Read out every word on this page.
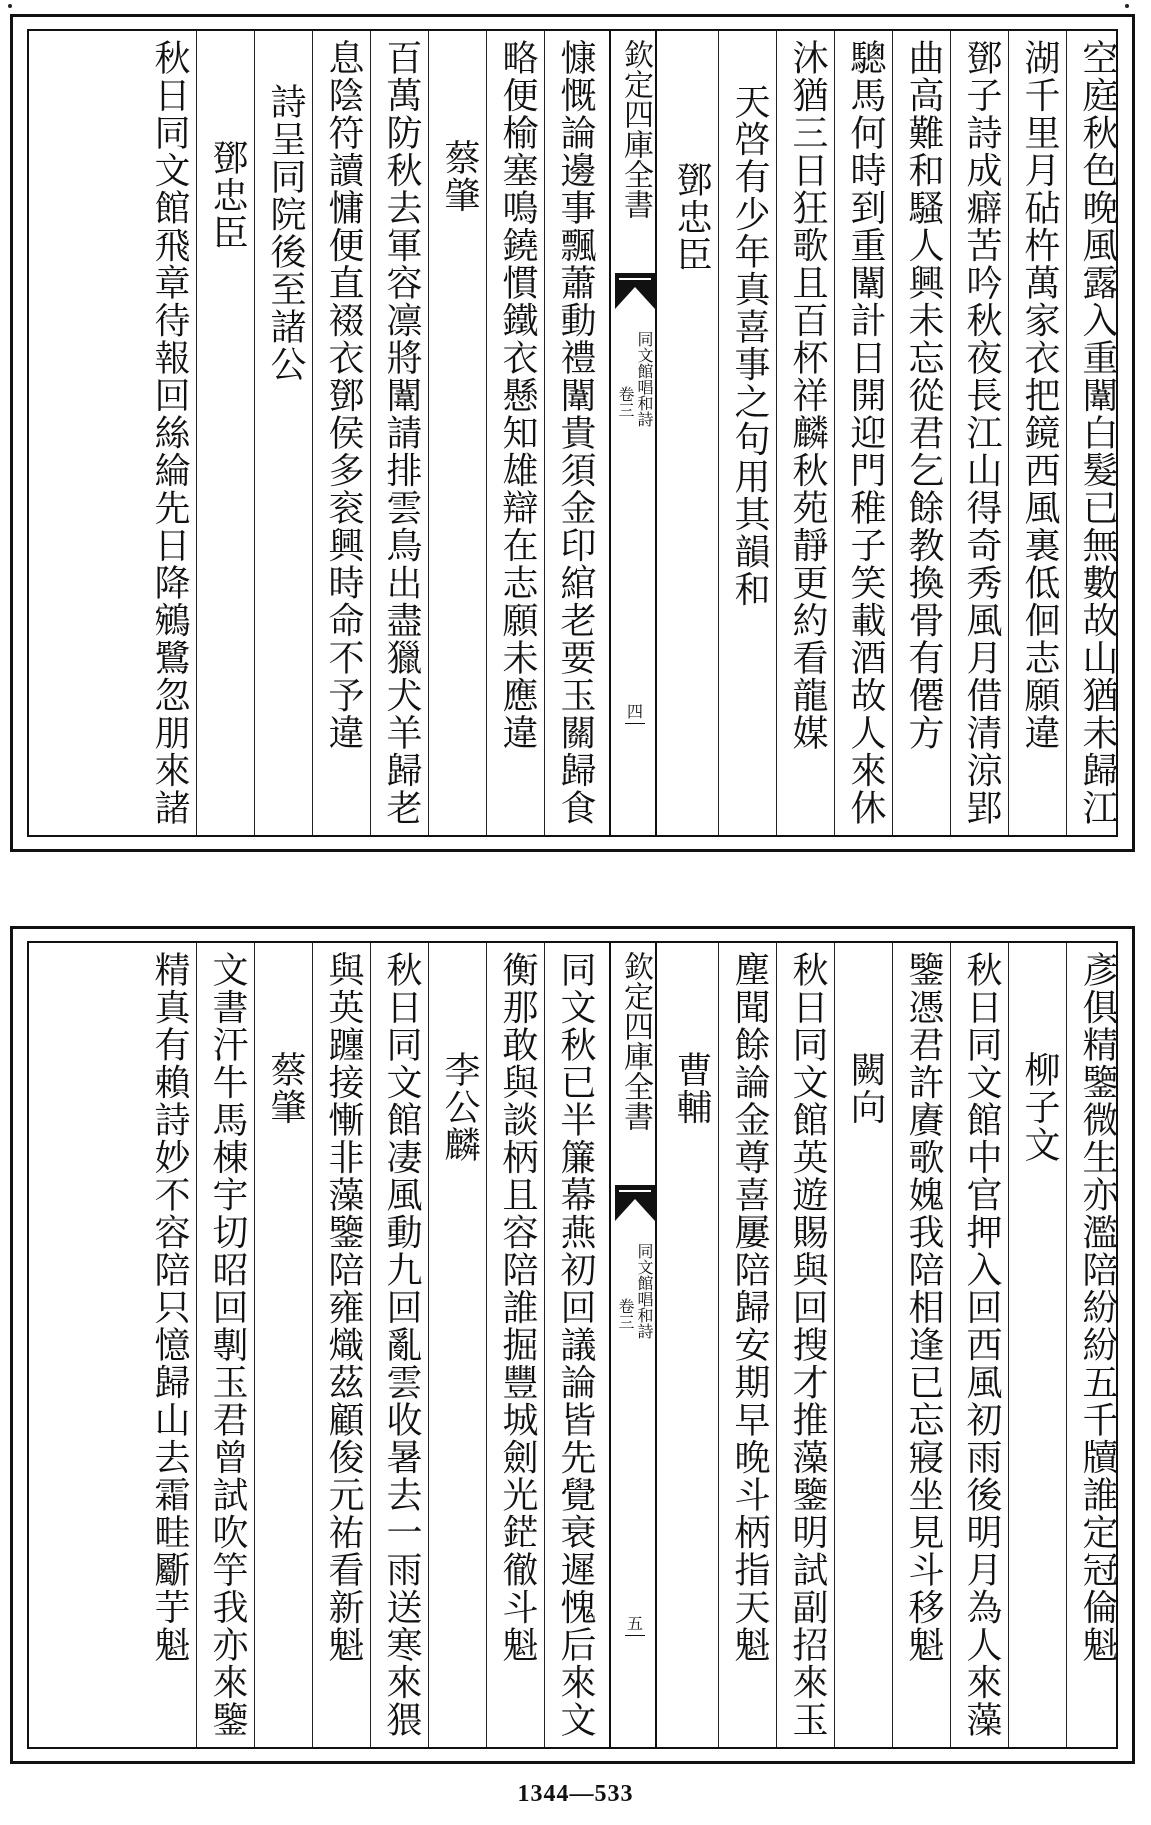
空庭秋色晚風露入重闈白髮已無數故山猶未歸江
湖千里月砧杵萬家衣把鏡西風裏低佪志願違
鄧子詩成癖苦吟秋夜長江山得奇秀風月借清涼郢
曲高難和騷人興未忘從君乞餘教換骨有僊方
驄馬何時到重闈計日開迎門稚子笑載酒故人來休
沐猶三日狂歌且百杯祥麟秋苑靜更約看龍媒
天啓有少年真喜事之句用其韻和
鄧忠臣
欽定四庫全書
同文館唱和詩
卷三
四
慷慨論邊事飄蕭動禮闈貴須金印綰老要玉關歸食
略便榆塞鳴鐃慣鐵衣懸知雄辯在志願未應違
蔡肇
百萬防秋去軍容凛將闈請排雲鳥出盡獵犬羊歸老
息陰符讀慵便直裰衣鄧侯多衮興時命不予違
詩呈同院後至諸公
鄧忠臣
秋日同文館飛章待報回絲綸先日降鵷鷺忽朋來諸
彥俱精鑒微生亦濫陪紛紛五千牘誰定冠倫魁
柳子文
秋日同文館中官押入回西風初雨後明月為人來藻
鑒憑君許賡歌媿我陪相逢已忘寢坐見斗移魁
闕向
秋日同文館英遊賜與回搜才推藻鑒明試副招來玉
塵聞餘論金尊喜屢陪歸安期早晚斗柄指天魁
曹輔
欽定四庫全書
同文館唱和詩
卷三
五
同文秋已半簾幕燕初回議論皆先覺衰遲愧后來文
衡那敢與談柄且容陪誰掘豐城劍光鋩徹斗魁
李公麟
秋日同文館凄風動九回亂雲收暑去一雨送寒來猥
與英躔接慚非藻鑒陪雍熾茲顧俊元祐看新魁
蔡肇
文書汗牛馬棟宇切昭回剸玉君曾試吹竽我亦來鑒
精真有賴詩妙不容陪只憶歸山去霜畦斸芋魁
1344—533
